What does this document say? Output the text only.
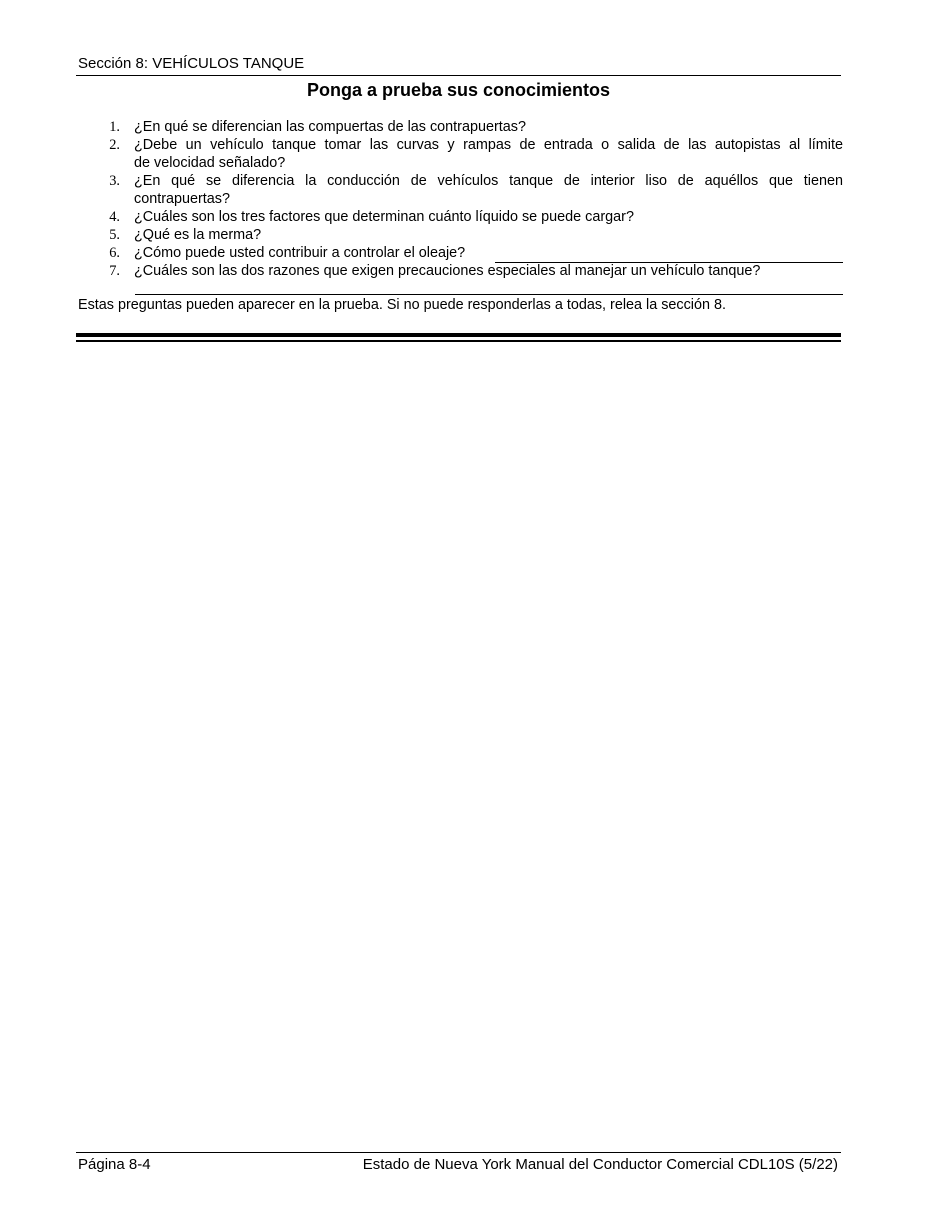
Sección 8: VEHÍCULOS TANQUE
Ponga a prueba sus conocimientos
1. ¿En qué se diferencian las compuertas de las contrapuertas?
2. ¿Debe un vehículo tanque tomar las curvas y rampas de entrada o salida de las autopistas al límite
de velocidad señalado?
3. ¿En qué se diferencia la conducción de vehículos tanque de interior liso de aquéllos que tienen
contrapuertas?
4. ¿Cuáles son los tres factores que determinan cuánto líquido se puede cargar?
5. ¿Qué es la merma?
6. ¿Cómo puede usted contribuir a controlar el oleaje?
7. ¿Cuáles son las dos razones que exigen precauciones especiales al manejar un vehículo tanque?
Estas preguntas pueden aparecer en la prueba. Si no puede responderlas a todas, relea la sección 8.
Página 8-4	Estado de Nueva York Manual del Conductor Comercial CDL10S (5/22)
